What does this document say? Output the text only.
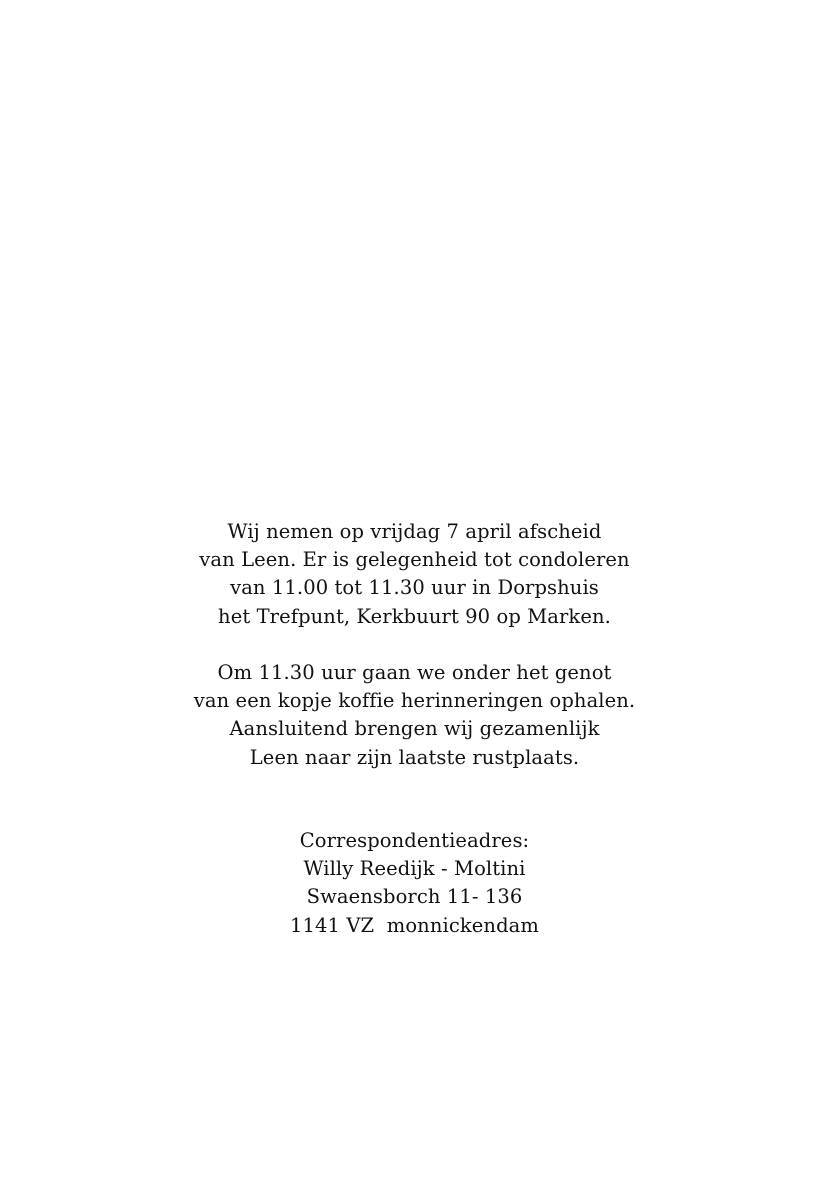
Wij nemen op vrijdag 7 april afscheid
van Leen. Er is gelegenheid tot condoleren
van 11.00 tot 11.30 uur in Dorpshuis
het Trefpunt, Kerkbuurt 90 op Marken.
Om 11.30 uur gaan we onder het genot
van een kopje koffie herinneringen ophalen.
Aansluitend brengen wij gezamenlijk
Leen naar zijn laatste rustplaats.
Correspondentieadres:
Willy Reedijk - Moltini
Swaensborch 11- 136
1141 VZ  monnickendam
